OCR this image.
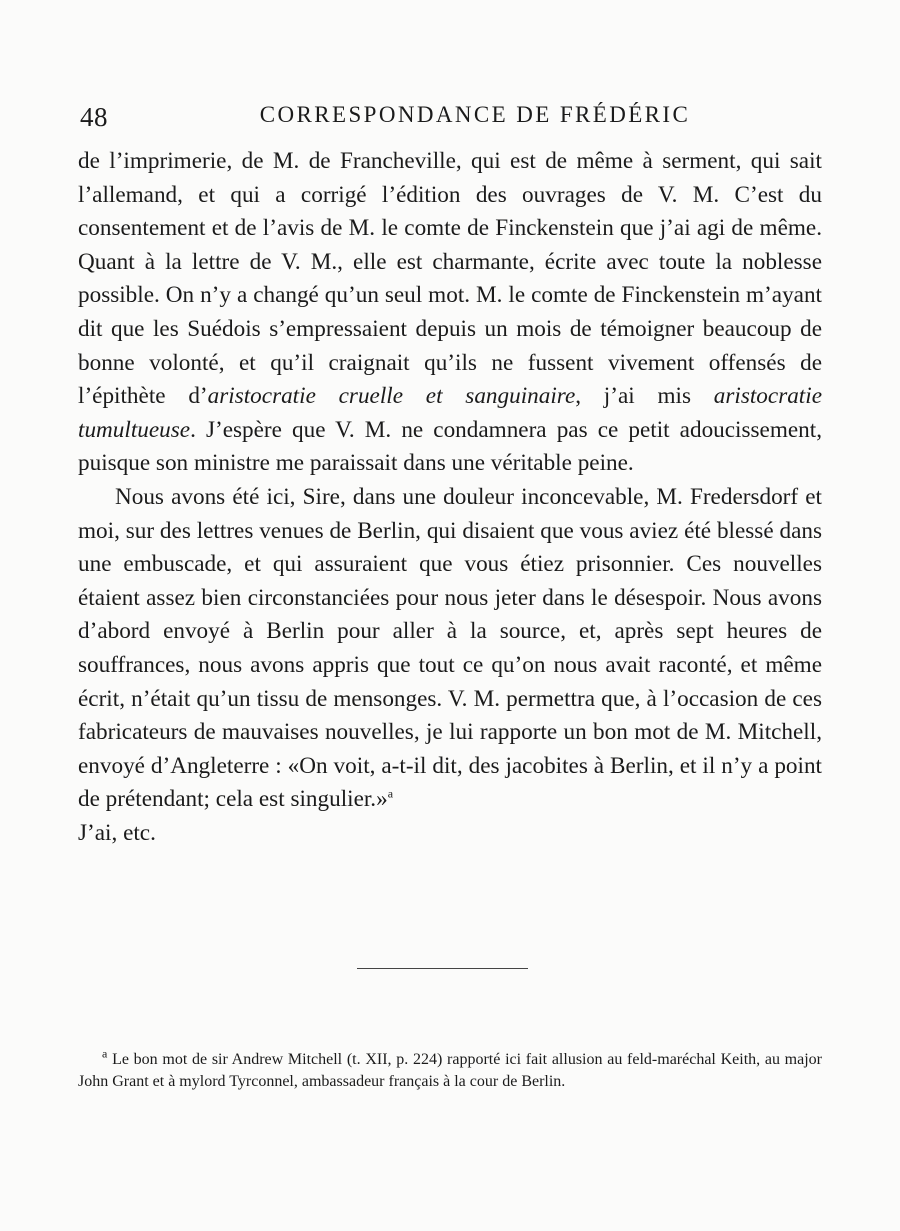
48	CORRESPONDANCE DE FRÉDÉRIC

de l’imprimerie, de M. de Francheville, qui est de même à serment, qui sait l’allemand, et qui a corrigé l’édition des ouvrages de V. M. C’est du consentement et de l’avis de M. le comte de Finckenstein que j’ai agi de même. Quant à la lettre de V. M., elle est charmante, écrite avec toute la noblesse possible. On n’y a changé qu’un seul mot. M. le comte de Finckenstein m’ayant dit que les Suédois s’empressaient depuis un mois de témoigner beaucoup de bonne volonté, et qu’il craignait qu’ils ne fussent vivement offensés de l’épithète d’aristocratie cruelle et sanguinaire, j’ai mis aristocratie tumultueuse. J’espère que V. M. ne condamnera pas ce petit adoucissement, puisque son ministre me paraissait dans une véritable peine.

Nous avons été ici, Sire, dans une douleur inconcevable, M. Fredersdorf et moi, sur des lettres venues de Berlin, qui disaient que vous aviez été blessé dans une embuscade, et qui assuraient que vous étiez prisonnier. Ces nouvelles étaient assez bien circonstanciées pour nous jeter dans le désespoir. Nous avons d’abord envoyé à Berlin pour aller à la source, et, après sept heures de souffrances, nous avons appris que tout ce qu’on nous avait raconté, et même écrit, n’était qu’un tissu de mensonges. V. M. permettra que, à l’occasion de ces fabricateurs de mauvaises nouvelles, je lui rapporte un bon mot de M. Mitchell, envoyé d’Angleterre : «On voit, a-t-il dit, des jacobites à Berlin, et il n’y a point de prétendant; cela est singulier.»$^a$

J’ai, etc.

$^a$ Le bon mot de sir Andrew Mitchell (t. XII, p. 224) rapporté ici fait allusion au feld-maréchal Keith, au major John Grant et à mylord Tyrconnel, ambassadeur français à la cour de Berlin.
